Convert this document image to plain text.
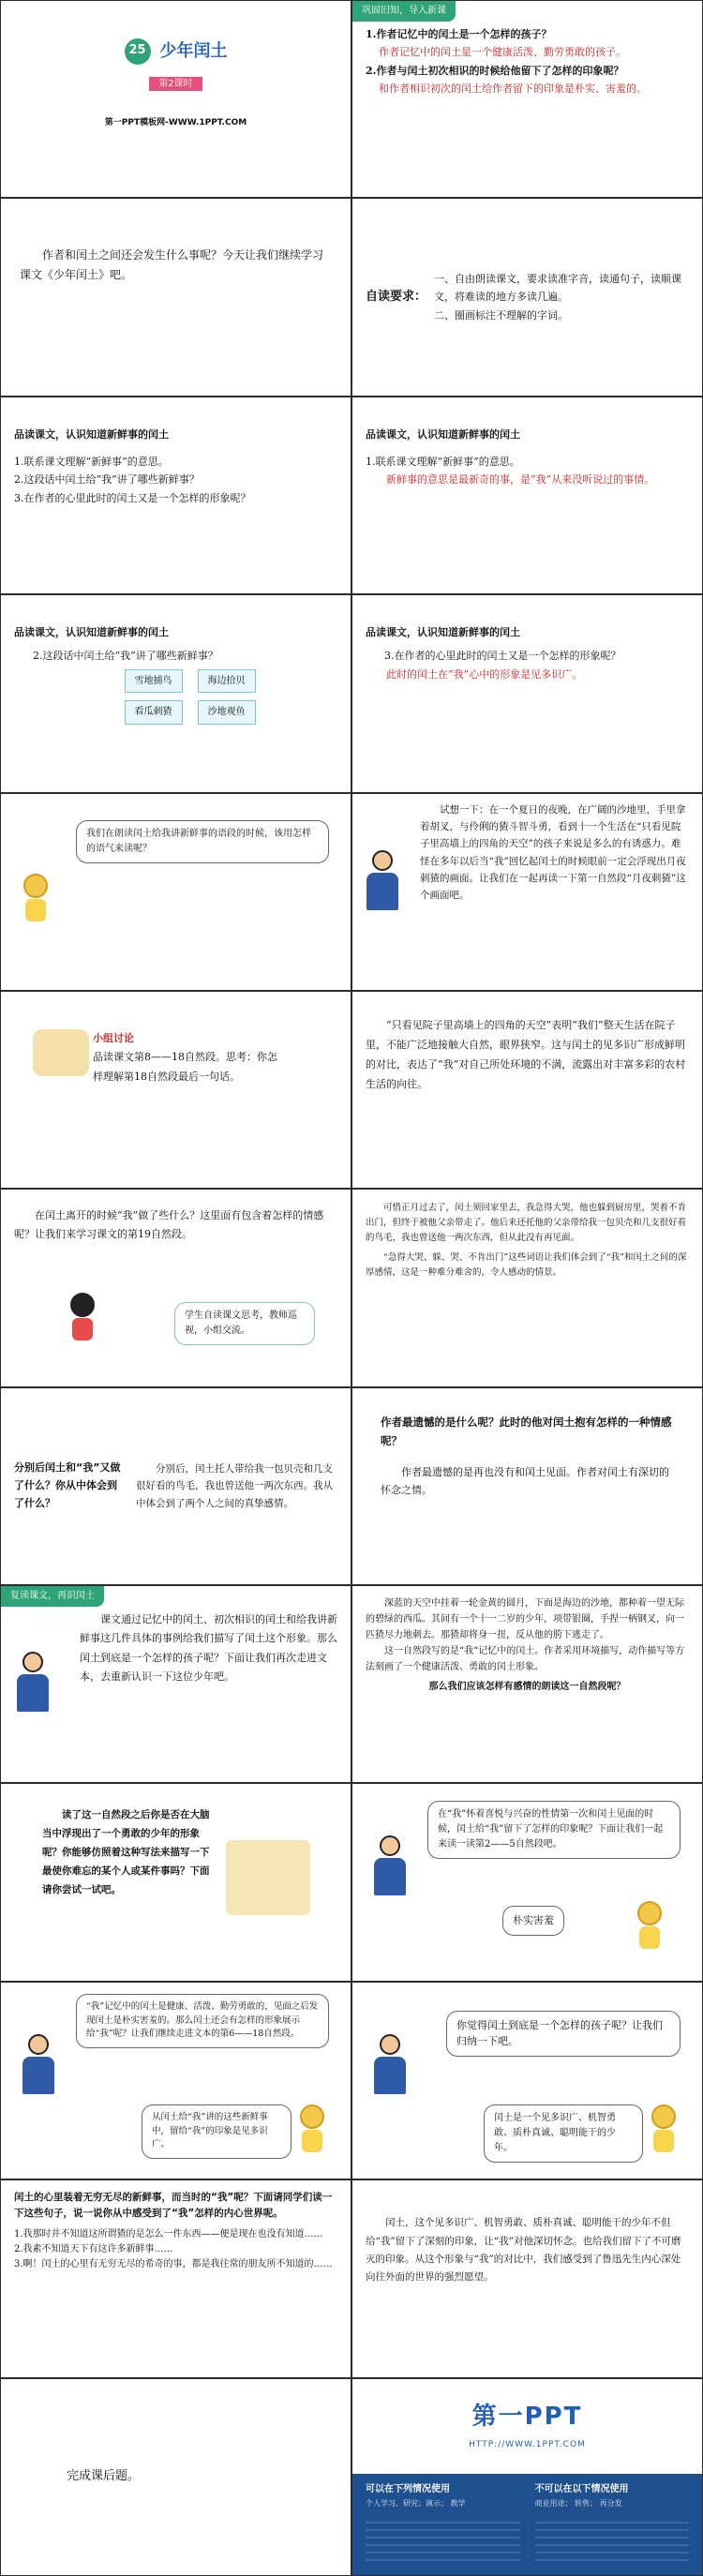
25 少年闰土
第2课时
第一PPT模板网-WWW.1PPT.COM
巩固旧知，导入新课
1.作者记忆中的闰土是一个怎样的孩子？
作者记忆中的闰土是一个健康活泼、勤劳勇敢的孩子。
2.作者与闰土初次相识的时候给他留下了怎样的印象呢？
和作者相识初次的闰土给作者留下的印象是朴实、害羞的。
作者和闰土之间还会发生什么事呢？今天让我们继续学习课文《少年闰土》吧。
自读要求：
一、自由朗读课文，要求读准字音，读通句子，读顺课文，将难读的地方多读几遍。
二、圈画标注不理解的字词。
品读课文，认识知道新鲜事的闰土
1.联系课文理解“新鲜事”的意思。
2.这段话中闰土给“我”讲了哪些新鲜事？
3.在作者的心里此时的闰土又是一个怎样的形象呢？
品读课文，认识知道新鲜事的闰土
1.联系课文理解“新鲜事”的意思。
新鲜事的意思是最新奇的事，是“我”从来没听说过的事情。
品读课文，认识知道新鲜事的闰土
2.这段话中闰土给“我”讲了哪些新鲜事？
雪地捕鸟	海边拾贝
看瓜刺猹	沙地观鱼
品读课文，认识知道新鲜事的闰土
3.在作者的心里此时的闰土又是一个怎样的形象呢？
此时的闰土在“我”心中的形象是见多识广。
我们在朗读闰土给我讲新鲜事的语段的时候，该用怎样的语气来读呢？
试想一下：在一个夏日的夜晚，在广阔的沙地里，手里拿着胡叉，与伶俐的猹斗智斗勇，看到十一个生活在“只看见院子里高墙上的四角的天空”的孩子来说是多么的有诱惑力。难怪在多年以后当“我”回忆起闰土的时候眼前一定会浮现出月夜刺猹的画面。让我们在一起再读一下第一自然段“月夜刺猹”这个画面吧。
小组讨论
品读课文第8——18自然段。思考：你怎样理解第18自然段最后一句话。
“只看见院子里高墙上的四角的天空”表明“我们”整天生活在院子里，不能广泛地接触大自然，眼界狭窄。这与闰土的见多识广形成鲜明的对比，表达了“我”对自己所处环境的不满，流露出对丰富多彩的农村生活的向往。
在闰土离开的时候“我”做了些什么？这里面有包含着怎样的情感呢？让我们来学习课文的第19自然段。
学生自读课文思考，教师巡视，小组交流。
可惜正月过去了，闰土须回家里去，我急得大哭，他也躲到厨房里，哭着不肯出门，但终于被他父亲带走了。他后来还托他的父亲带给我一包贝壳和几支很好看的鸟毛，我也曾送他一两次东西，但从此没有再见面。
“急得大哭、躲、哭、不肯出门”这些词语让我们体会到了“我”和闰土之间的深厚感情，这是一种难分难舍的，令人感动的情景。
分别后闰土和“我”又做了什么？你从中体会到了什么？
分别后，闰土托人带给我一包贝壳和几支很好看的鸟毛，我也曾送他一两次东西。我从中体会到了两个人之间的真挚感情。
作者最遗憾的是什么呢？此时的他对闰土抱有怎样的一种情感呢？
作者最遗憾的是再也没有和闰土见面。作者对闰土有深切的怀念之情。
复读课文，再识闰土
课文通过记忆中的闰土、初次相识的闰土和给我讲新鲜事这几件具体的事例给我们描写了闰土这个形象。那么闰土到底是一个怎样的孩子呢？下面让我们再次走进文本，去重新认识一下这位少年吧。
深蓝的天空中挂着一轮金黄的圆月，下面是海边的沙地，都种着一望无际的碧绿的西瓜。其间有一个十一二岁的少年，项带银圈，手捏一柄钢叉，向一匹猹尽力地刺去。那猹却将身一扭，反从他的胯下逃走了。
这一自然段写的是“我”记忆中的闰土。作者采用环境描写，动作描写等方法刻画了一个健康活泼、勇敢的闰土形象。
那么我们应该怎样有感情的朗读这一自然段呢？
读了这一自然段之后你是否在大脑当中浮现出了一个勇敢的少年的形象呢？你能够仿照着这种写法来描写一下最使你难忘的某个人或某件事吗？下面请你尝试一试吧。
在“我”怀着喜悦与兴奋的性情第一次和闰土见面的时候，闰土给“我”留下了怎样的印象呢？下面让我们一起来读一读第2——5自然段吧。
朴实害羞
“我”记忆中的闰土是健康、活泼、勤劳勇敢的，见面之后发现闰土是朴实害羞的。那么闰土还会有怎样的形象展示给“我”呢？让我们继续走进文本的第6——18自然段。
从闰土给“我”讲的这些新鲜事中，留给“我”的印象是见多识广。
你觉得闰土到底是一个怎样的孩子呢？让我们归纳一下吧。
闰土是一个见多识广、机智勇敢、质朴真诚、聪明能干的少年。
闰土的心里装着无穷无尽的新鲜事，而当时的“我”呢？下面请同学们读一下这些句子，说一说你从中感受到了“我”怎样的内心世界呢。
1.我那时并不知道这所谓猹的是怎么一件东西——便是现在也没有知道……
2.我素不知道天下有这许多新鲜事……
3.啊！闰土的心里有无穷无尽的希奇的事，都是我往常的朋友所不知道的……
闰土，这个见多识广、机智勇敢、质朴真诚、聪明能干的少年不但给“我”留下了深刻的印象，让“我”对他深切怀念。也给我们留下了不可磨灭的印象。从这个形象与“我”的对比中，我们感受到了鲁迅先生内心深处向往外面的世界的强烈愿望。
完成课后题。
第一PPT
HTTP://WWW.1PPT.COM
可以在下列情况使用
个人学习、研究；演示； 教学
不可以在以下情况使用
商业用途； 转售； 再分发
